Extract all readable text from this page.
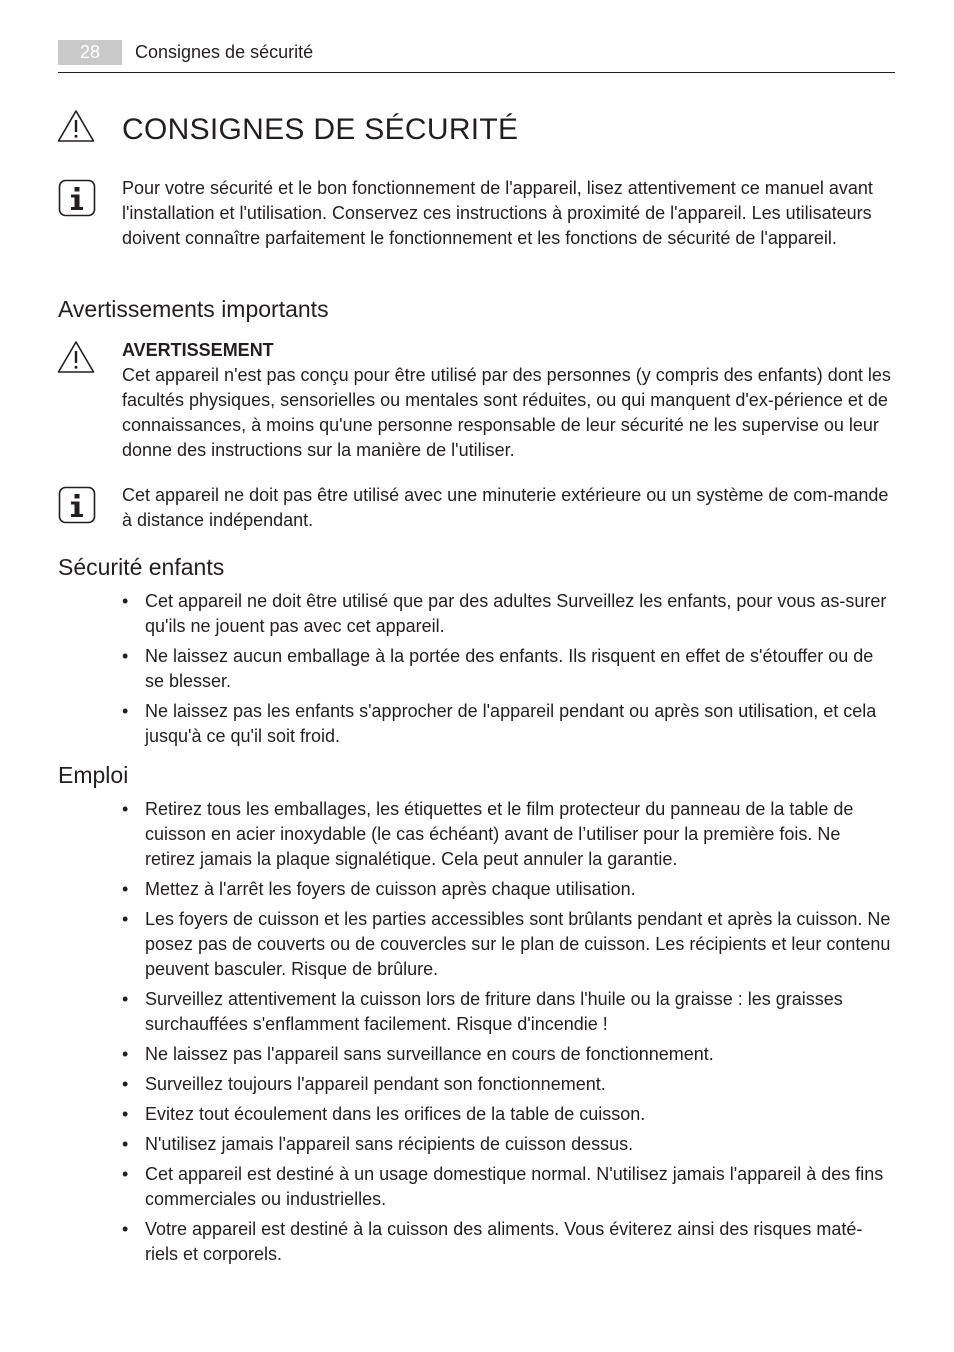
28	Consignes de sécurité
CONSIGNES DE SÉCURITÉ
Pour votre sécurité et le bon fonctionnement de l'appareil, lisez attentivement ce manuel avant l'installation et l'utilisation. Conservez ces instructions à proximité de l'appareil. Les utilisateurs doivent connaître parfaitement le fonctionnement et les fonctions de sécurité de l'appareil.
Avertissements importants
AVERTISSEMENT
Cet appareil n'est pas conçu pour être utilisé par des personnes (y compris des enfants) dont les facultés physiques, sensorielles ou mentales sont réduites, ou qui manquent d'ex-périence et de connaissances, à moins qu'une personne responsable de leur sécurité ne les supervise ou leur donne des instructions sur la manière de l'utiliser.
Cet appareil ne doit pas être utilisé avec une minuterie extérieure ou un système de com-mande à distance indépendant.
Sécurité enfants
• Cet appareil ne doit être utilisé que par des adultes Surveillez les enfants, pour vous as-surer qu'ils ne jouent pas avec cet appareil.
• Ne laissez aucun emballage à la portée des enfants. Ils risquent en effet de s'étouffer ou de se blesser.
• Ne laissez pas les enfants s'approcher de l'appareil pendant ou après son utilisation, et cela jusqu'à ce qu'il soit froid.
Emploi
• Retirez tous les emballages, les étiquettes et le film protecteur du panneau de la table de cuisson en acier inoxydable (le cas échéant) avant de l’utiliser pour la première fois. Ne retirez jamais la plaque signalétique. Cela peut annuler la garantie.
• Mettez à l'arrêt les foyers de cuisson après chaque utilisation.
• Les foyers de cuisson et les parties accessibles sont brûlants pendant et après la cuisson. Ne posez pas de couverts ou de couvercles sur le plan de cuisson. Les récipients et leur contenu peuvent basculer. Risque de brûlure.
• Surveillez attentivement la cuisson lors de friture dans l'huile ou la graisse : les graisses surchauffées s'enflamment facilement. Risque d'incendie !
• Ne laissez pas l'appareil sans surveillance en cours de fonctionnement.
• Surveillez toujours l'appareil pendant son fonctionnement.
• Evitez tout écoulement dans les orifices de la table de cuisson.
• N'utilisez jamais l'appareil sans récipients de cuisson dessus.
• Cet appareil est destiné à un usage domestique normal. N'utilisez jamais l'appareil à des fins commerciales ou industrielles.
• Votre appareil est destiné à la cuisson des aliments. Vous éviterez ainsi des risques maté-riels et corporels.
